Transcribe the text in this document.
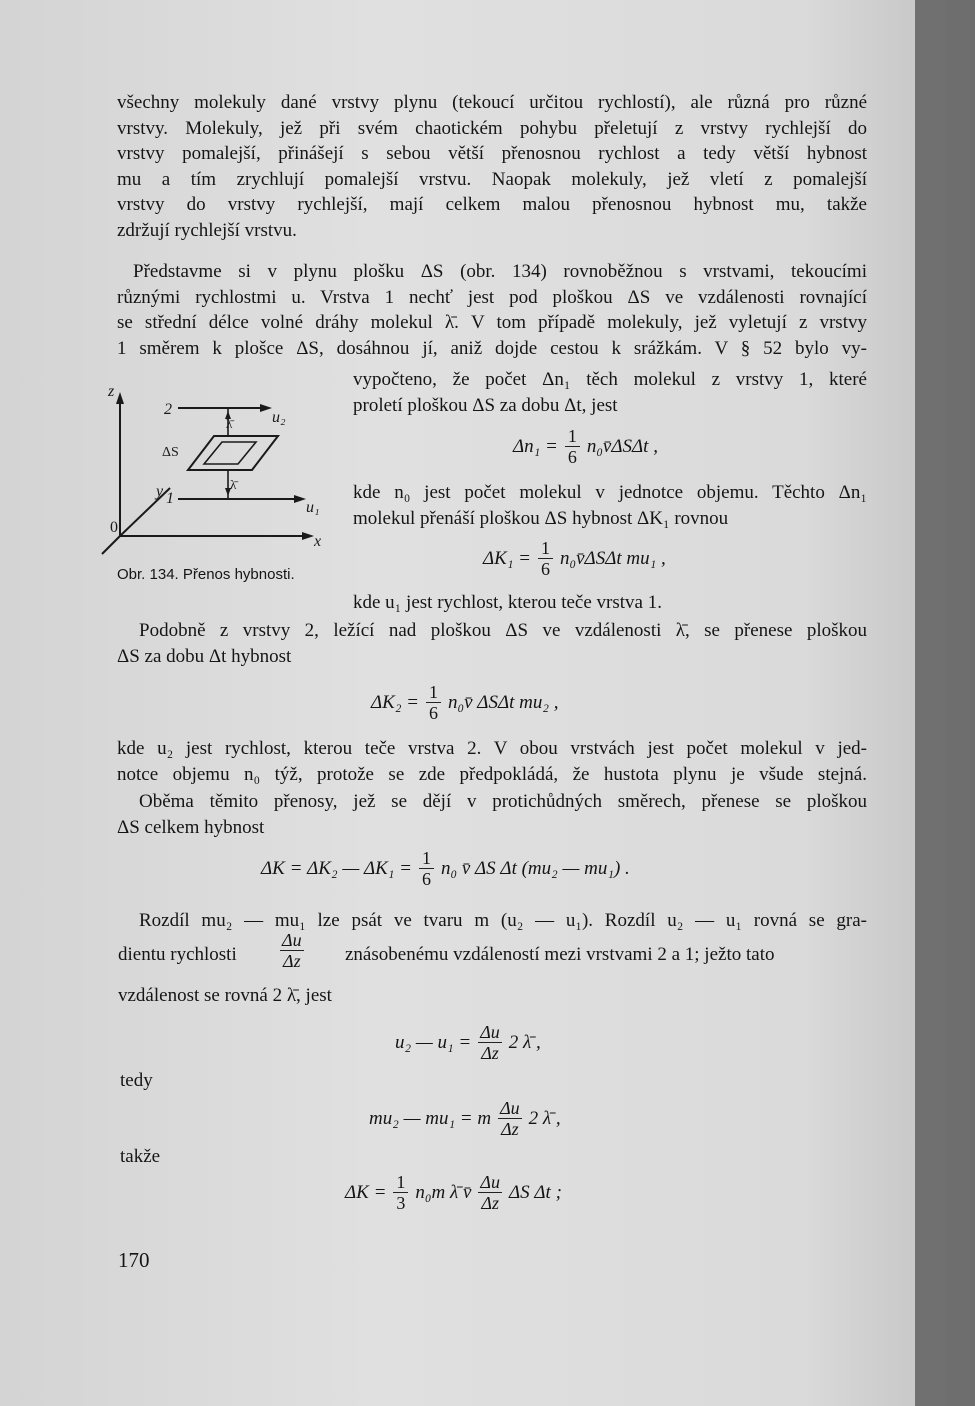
všechny molekuly dané vrstvy plynu (tekoucí určitou rychlostí), ale různá pro různé
vrstvy. Molekuly, jež při svém chaotickém pohybu přeletují z vrstvy rychlejší do
vrstvy pomalejší, přinášejí s sebou větší přenosnou rychlost a tedy větší hybnost
mu a tím zrychlují pomalejší vrstvu. Naopak molekuly, jež vletí z pomalejší
vrstvy do vrstvy rychlejší, mají celkem malou přenosnou hybnost mu, takže
zdržují rychlejší vrstvu.
Představme si v plynu plošku ΔS (obr. 134) rovnoběžnou s vrstvami, tekoucími
různými rychlostmi u. Vrstva 1 nechť jest pod ploškou ΔS ve vzdálenosti rovnající
se střední délce volné dráhy molekul λ̄. V tom případě molekuly, jež vyletují z vrstvy
1 směrem k plošce ΔS, dosáhnou jí, aniž dojde cestou k srážkám. V § 52 bylo vy-
vypočteno, že počet Δn₁ těch molekul z vrstvy 1, které
proletí ploškou ΔS za dobu Δt, jest
z
y
x
0
2
1
u₂
u₁
ΔS
λ̄
λ̄
Obr. 134. Přenos hybnosti.
$\Delta n_1 = \frac{1}{6}$ n₀v̄ΔSΔt ,
kde n₀ jest počet molekul v jednotce objemu. Těchto Δn₁
molekul přenáší ploškou ΔS hybnost ΔK₁ rovnou
$\Delta K_1 = \frac{1}{6}$ n₀v̄ΔSΔt mu₁ ,
kde u₁ jest rychlost, kterou teče vrstva 1.
Podobně z vrstvy 2, ležící nad ploškou ΔS ve vzdálenosti λ̄, se přenese ploškou
ΔS za dobu Δt hybnost
$\Delta K_2 = \frac{1}{6}$ n₀v̄ ΔSΔt mu₂ ,
kde u₂ jest rychlost, kterou teče vrstva 2. V obou vrstvách jest počet molekul v jed-
notce objemu n₀ týž, protože se zde předpokládá, že hustota plynu je všude stejná.
Oběma těmito přenosy, jež se dějí v protichůdných směrech, přenese se ploškou
ΔS celkem hybnost
ΔK = ΔK₂ — $\Delta K_1 = \frac{1}{6} n_0$ v̄ ΔS Δt (mu₂ — mu₁) .
Rozdíl mu₂ — mu₁ lze psát ve tvaru m (u₂ — u₁). Rozdíl u₂ — u₁ rovná se gra-
dientu rychlosti $\frac{\Delta u}{\Delta z}$ znásobenému vzdáleností mezi vrstvami 2 a 1; ježto tato
vzdálenost se rovná 2 λ̄, jest
u₂ — $u_1 = \frac{\Delta u}{\Delta z} 2$ λ̄ ,
tedy
mu₂ — mu₁ = m $\frac{\Delta u}{\Delta z} 2$ λ̄ ,
takže
$\Delta K = \frac{1}{3} n_0m$ λ̄ v̄ $\frac{\Delta u}{\Delta z}$ ΔS Δt ;
170
